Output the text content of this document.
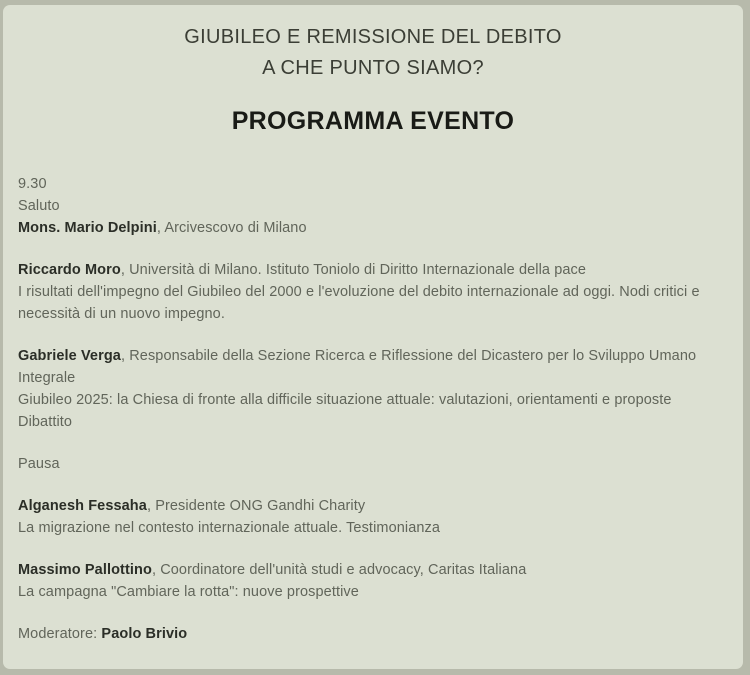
GIUBILEO E REMISSIONE DEL DEBITO
A CHE PUNTO SIAMO?
PROGRAMMA EVENTO

9.30

Saluto

Mons. Mario Delpini, Arcivescovo di Milano

Riccardo Moro, Università di Milano. Istituto Toniolo di Diritto Internazionale della pace

I risultati dell'impegno del Giubileo del 2000 e l'evoluzione del debito internazionale ad oggi. Nodi critici e necessità di un nuovo impegno.

Gabriele Verga, Responsabile della Sezione Ricerca e Riflessione del Dicastero per lo Sviluppo Umano Integrale

Giubileo 2025: la Chiesa di fronte alla difficile situazione attuale: valutazioni, orientamenti e proposte

Dibattito

Pausa

Alganesh Fessaha, Presidente ONG Gandhi Charity

La migrazione nel contesto internazionale attuale. Testimonianza

Massimo Pallottino, Coordinatore dell'unità studi e advocacy, Caritas Italiana

La campagna "Cambiare la rotta": nuove prospettive

Moderatore: Paolo Brivio
